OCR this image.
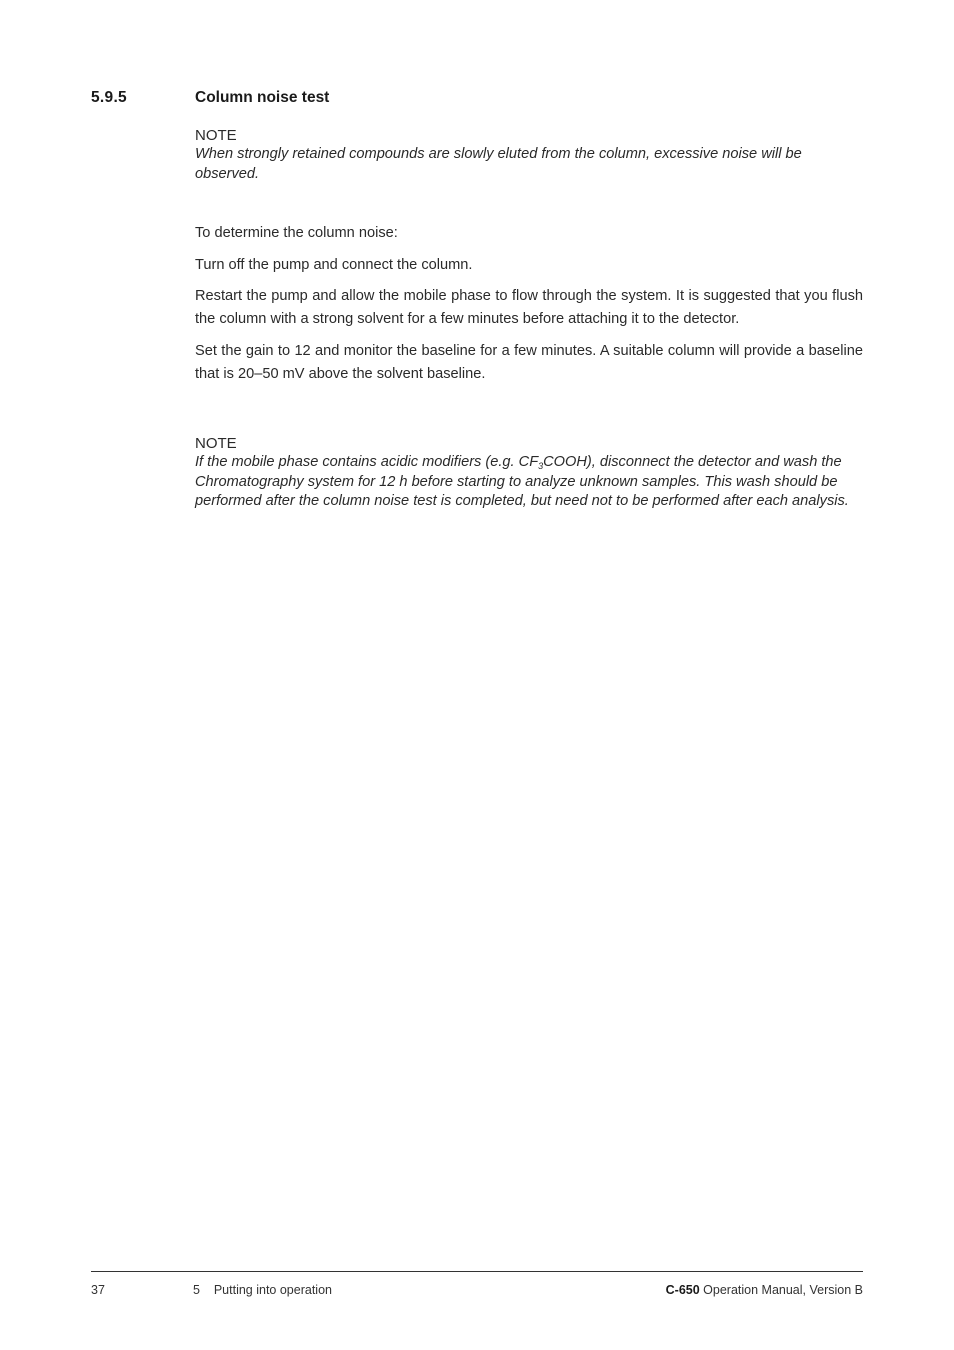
5.9.5	Column noise test

NOTE

When strongly retained compounds are slowly eluted from the column, excessive noise will be observed.

To determine the column noise:

Turn off the pump and connect the column.

Restart the pump and allow the mobile phase to flow through the system. It is suggested that you flush the column with a strong solvent for a few minutes before attaching it to the detector.

Set the gain to 12 and monitor the baseline for a few minutes. A suitable column will provide a baseline that is 20–50 mV above the solvent baseline.

NOTE

If the mobile phase contains acidic modifiers (e.g. $CF_3COOH$), disconnect the detector and wash the Chromatography system for 12 h before starting to analyze unknown samples. This wash should be performed after the column noise test is completed, but need not to be performed after each analysis.

37	5    Putting into operation	C-650 Operation Manual, Version B
